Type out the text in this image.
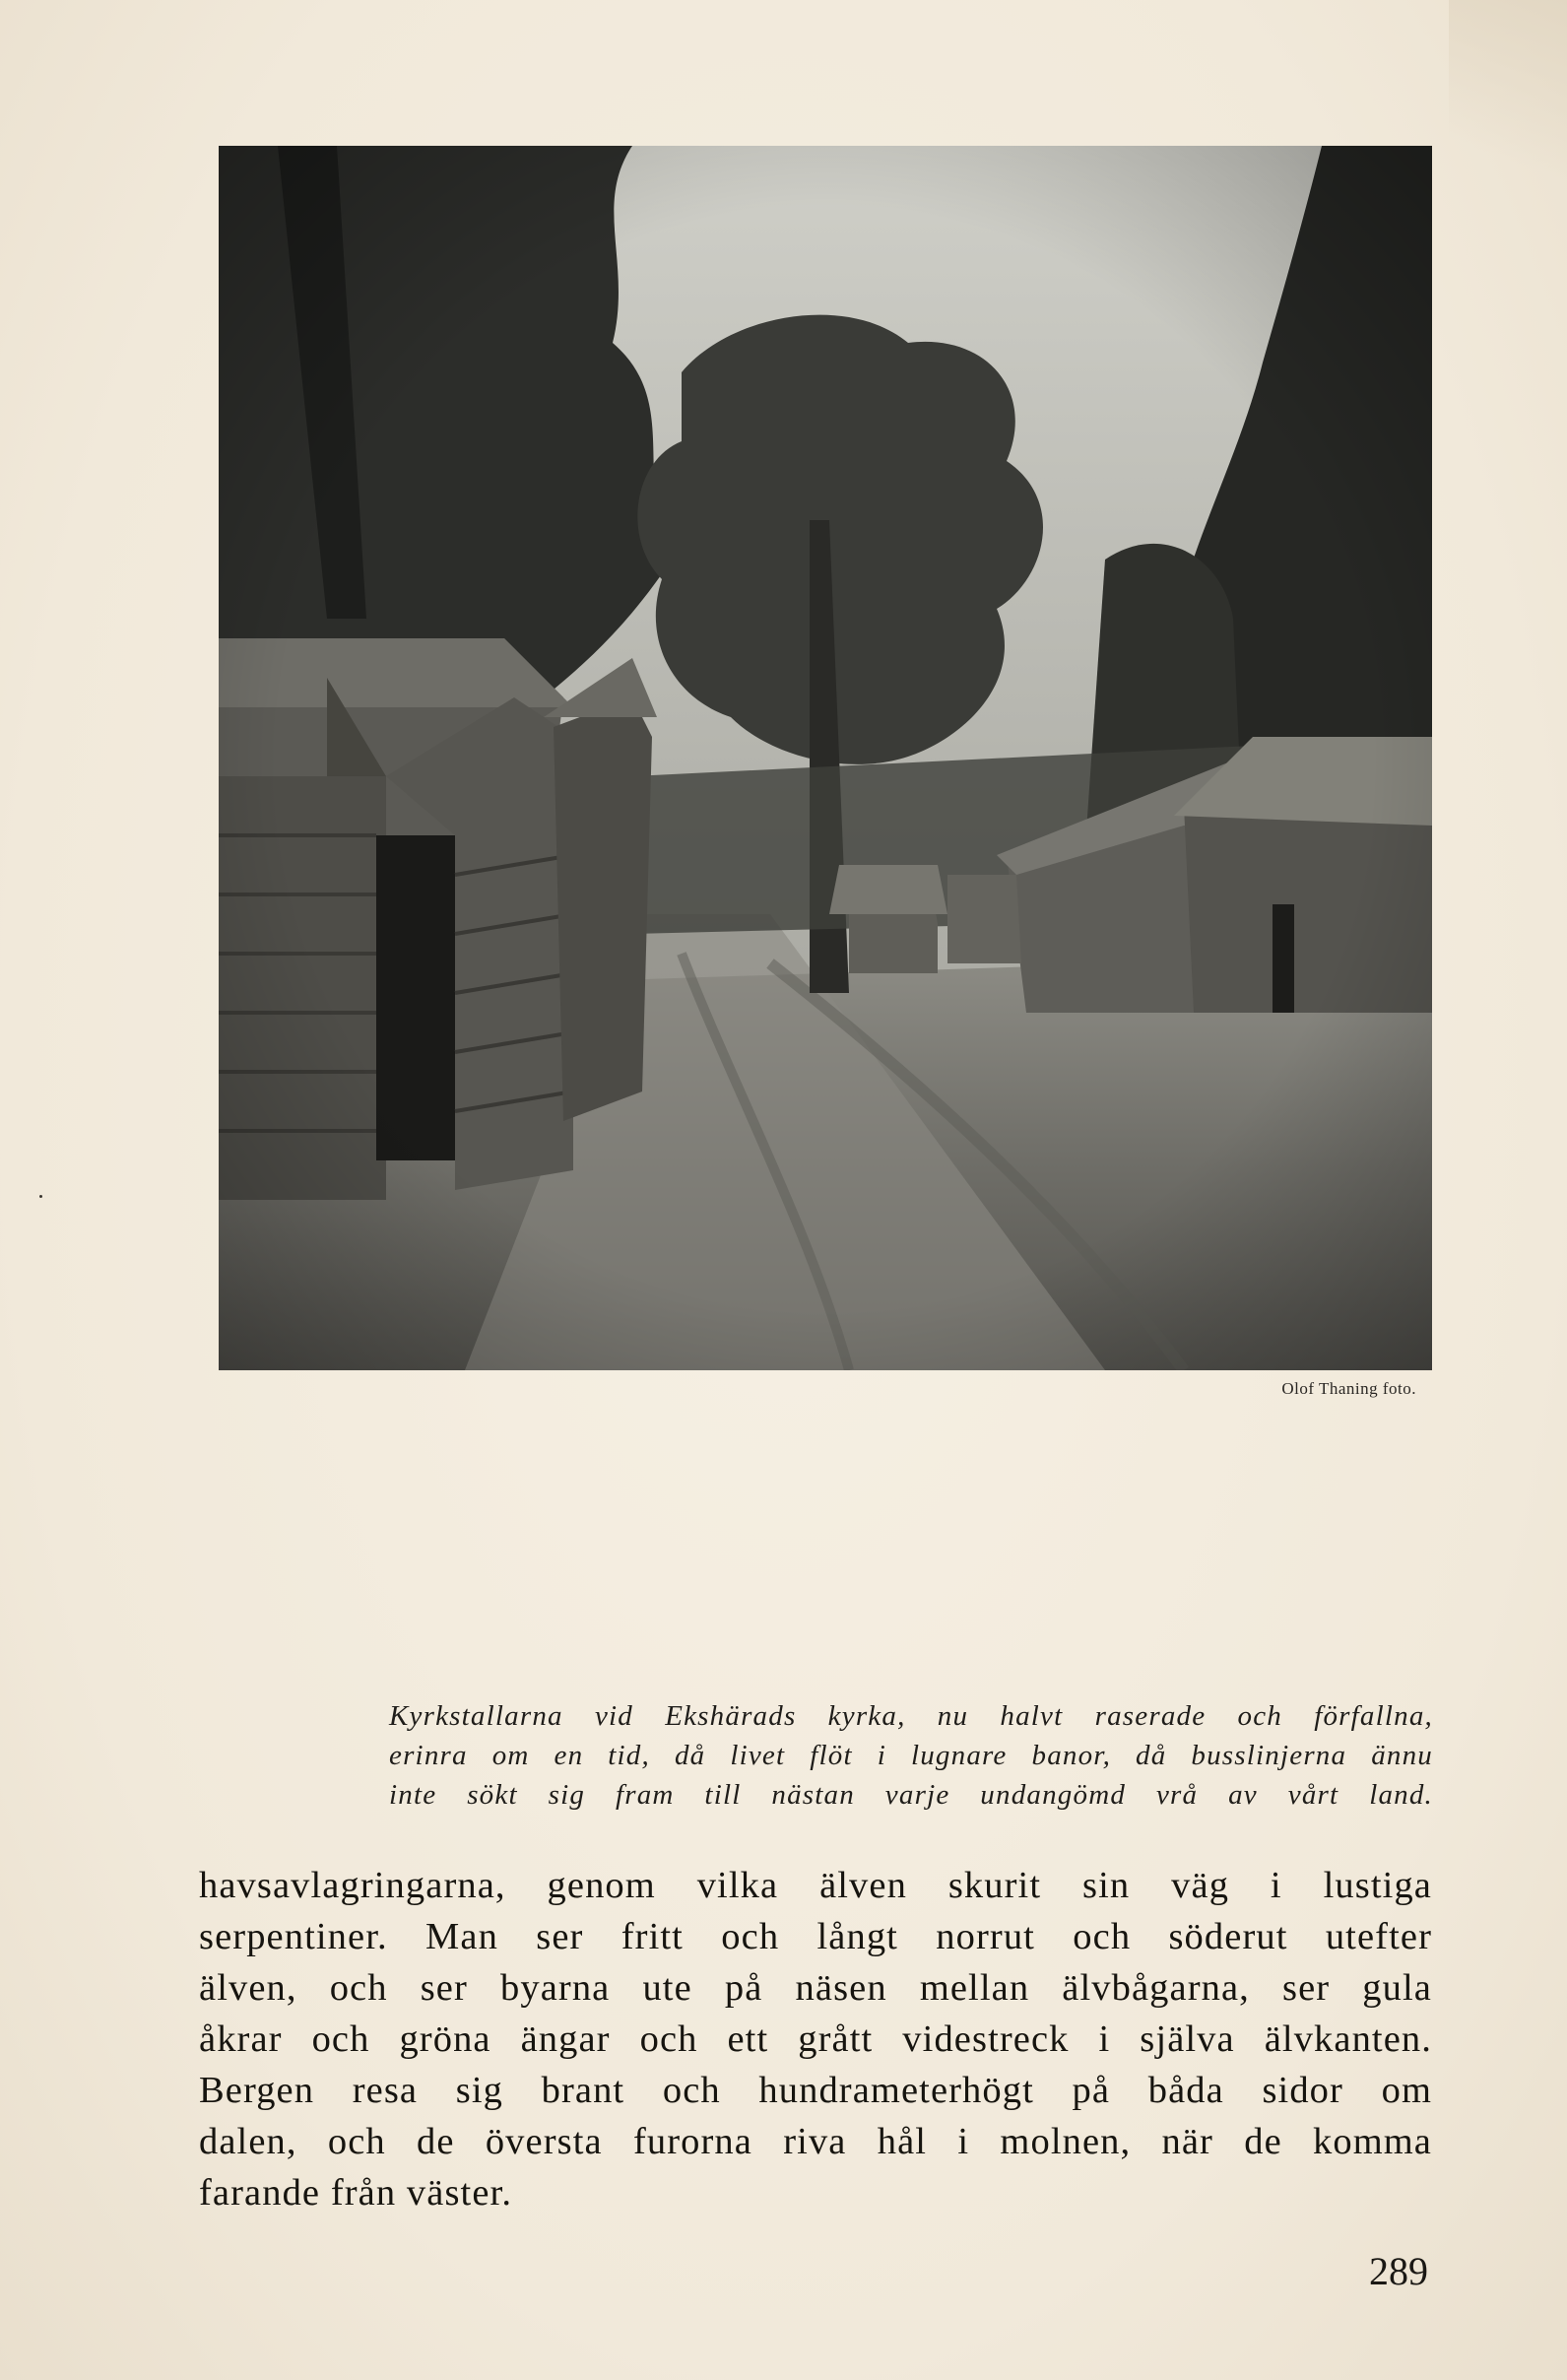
Olof Thaning foto.
Kyrkstallarna vid Ekshärads kyrka, nu halvt raserade och förfallna,
erinra om en tid, då livet flöt i lugnare banor, då busslinjerna ännu
inte sökt sig fram till nästan varje undangömd vrå av vårt land.
havsavlagringarna, genom vilka älven skurit sin väg i lustiga
serpentiner. Man ser fritt och långt norrut och söderut utefter
älven, och ser byarna ute på näsen mellan älvbågarna, ser gula
åkrar och gröna ängar och ett grått videstreck i själva älvkanten.
Bergen resa sig brant och hundrameterhögt på båda sidor om
dalen, och de översta furorna riva hål i molnen, när de komma
farande från väster.
289
